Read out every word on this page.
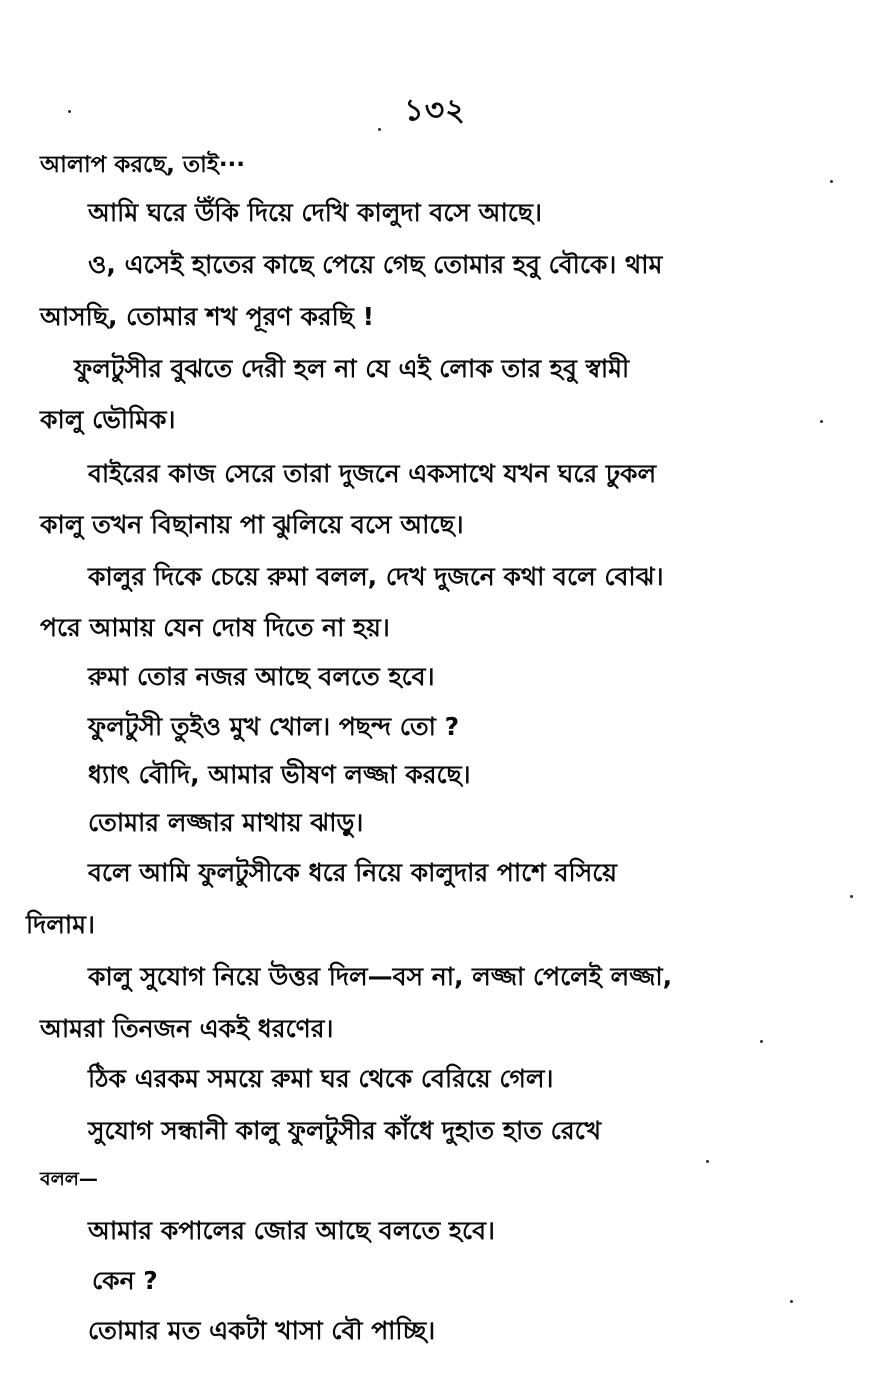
১৩২
আলাপ করছে, তাই···
আমি ঘরে উঁকি দিয়ে দেখি কালুদা বসে আছে।
ও, এসেই হাতের কাছে পেয়ে গেছ তোমার হবু বৌকে। থাম
আসছি, তোমার শখ পূরণ করছি !
ফুলটুসীর বুঝতে দেরী হল না যে এই লোক তার হবু স্বামী
কালু ভৌমিক।
বাইরের কাজ সেরে তারা দুজনে একসাথে যখন ঘরে ঢুকল
কালু তখন বিছানায় পা ঝুলিয়ে বসে আছে।
কালুর দিকে চেয়ে রুমা বলল, দেখ দুজনে কথা বলে বোঝ।
পরে আমায় যেন দোষ দিতে না হয়।
রুমা তোর নজর আছে বলতে হবে।
ফুলটুসী তুইও মুখ খোল। পছন্দ তো ?
ধ্যাৎ বৌদি, আমার ভীষণ লজ্জা করছে।
তোমার লজ্জার মাথায় ঝাড়ু।
বলে আমি ফুলটুসীকে ধরে নিয়ে কালুদার পাশে বসিয়ে
দিলাম।
কালু সুযোগ নিয়ে উত্তর দিল—বস না, লজ্জা পেলেই লজ্জা,
আমরা তিনজন একই ধরণের।
ঠিক এরকম সময়ে রুমা ঘর থেকে বেরিয়ে গেল।
সুযোগ সন্ধানী কালু ফুলটুসীর কাঁধে দুহাত হাত রেখে
বলল—
আমার কপালের জোর আছে বলতে হবে।
কেন ?
তোমার মত একটা খাসা বৌ পাচ্ছি।
